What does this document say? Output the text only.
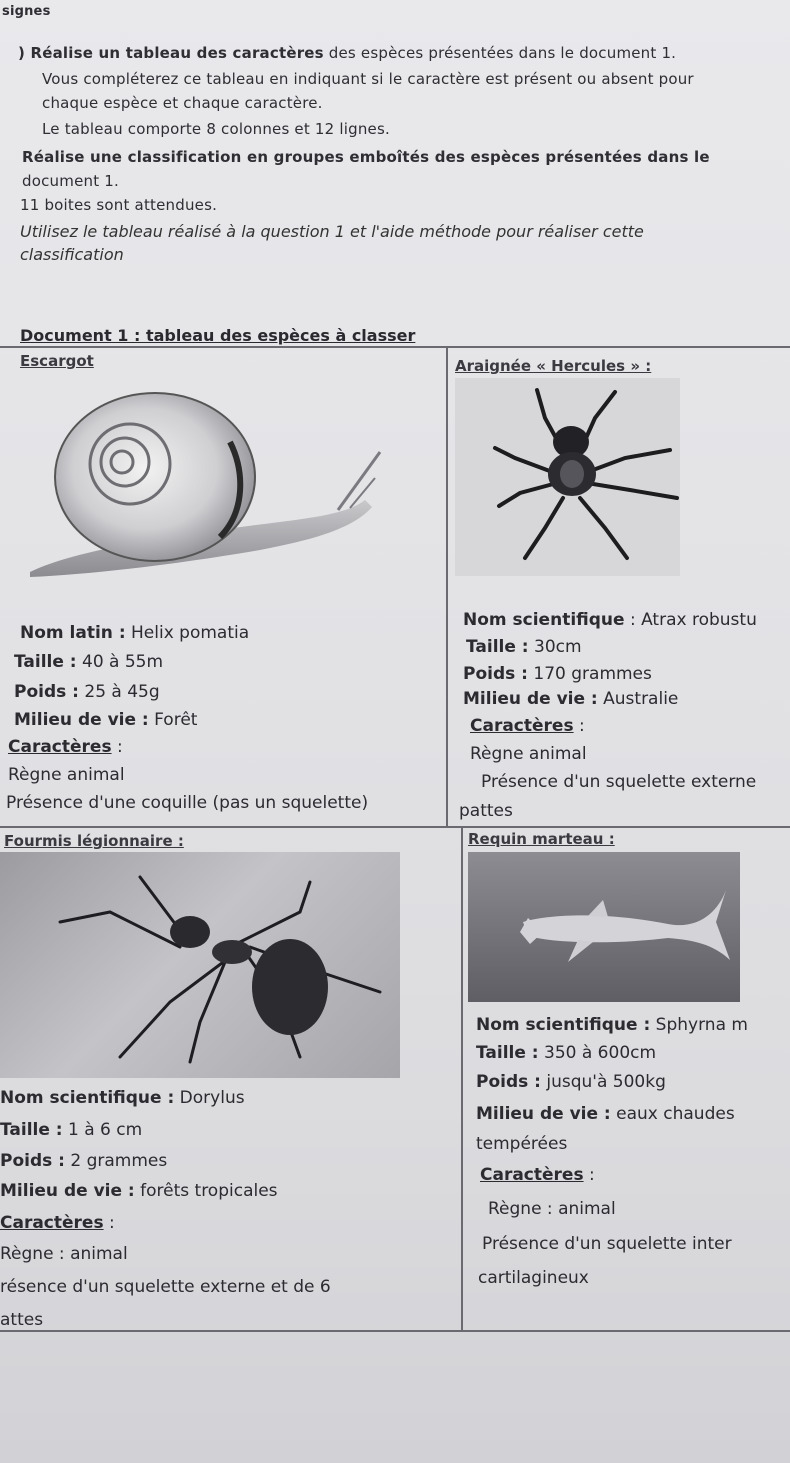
signes
) Réalise un tableau des caractères des espèces présentées dans le document 1.
Vous compléterez ce tableau en indiquant si le caractère est présent ou absent pour
chaque espèce et chaque caractère.
Le tableau comporte 8 colonnes et 12 lignes.
Réalise une classification en groupes emboîtés des espèces présentées dans le
document 1.
11 boites sont attendues.
Utilisez le tableau réalisé à la question 1 et l'aide méthode pour réaliser cette
classification
Document 1 : tableau des espèces à classer
Escargot
Nom latin : Helix pomatia
Taille : 40 à 55m
Poids : 25 à 45g
Milieu de vie : Forêt
Caractères :
Règne animal
Présence d'une coquille (pas un squelette)
Araignée « Hercules » :
Nom scientifique : Atrax robustu
Taille : 30cm
Poids : 170 grammes
Milieu de vie : Australie
Caractères :
Règne animal
Présence d'un squelette externe
pattes
Fourmis légionnaire :
Nom scientifique : Dorylus
Taille : 1 à 6 cm
Poids : 2 grammes
Milieu de vie : forêts tropicales
Caractères :
Règne : animal
résence d'un squelette externe et de 6
attes
Requin marteau :
Nom scientifique : Sphyrna m
Taille : 350 à 600cm
Poids : jusqu'à 500kg
Milieu de vie : eaux chaudes
tempérées
Caractères :
Règne : animal
Présence d'un squelette inter
cartilagineux
